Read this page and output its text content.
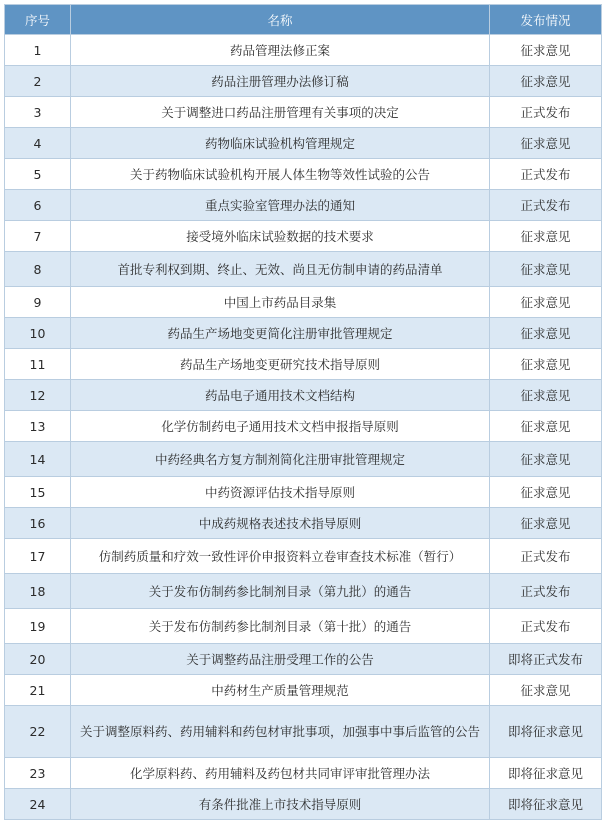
序号	名称	发布情况
1	药品管理法修正案	征求意见
2	药品注册管理办法修订稿	征求意见
3	关于调整进口药品注册管理有关事项的决定	正式发布
4	药物临床试验机构管理规定	征求意见
5	关于药物临床试验机构开展人体生物等效性试验的公告	正式发布
6	重点实验室管理办法的通知	正式发布
7	接受境外临床试验数据的技术要求	征求意见
8	首批专利权到期、终止、无效、尚且无仿制申请的药品清单	征求意见
9	中国上市药品目录集	征求意见
10	药品生产场地变更简化注册审批管理规定	征求意见
11	药品生产场地变更研究技术指导原则	征求意见
12	药品电子通用技术文档结构	征求意见
13	化学仿制药电子通用技术文档申报指导原则	征求意见
14	中药经典名方复方制剂简化注册审批管理规定	征求意见
15	中药资源评估技术指导原则	征求意见
16	中成药规格表述技术指导原则	征求意见
17	仿制药质量和疗效一致性评价申报资料立卷审查技术标准（暂行）	正式发布
18	关于发布仿制药参比制剂目录（第九批）的通告	正式发布
19	关于发布仿制药参比制剂目录（第十批）的通告	正式发布
20	关于调整药品注册受理工作的公告	即将正式发布
21	中药材生产质量管理规范	征求意见
22	关于调整原料药、药用辅料和药包材审批事项，加强事中事后监管的公告	即将征求意见
23	化学原料药、药用辅料及药包材共同审评审批管理办法	即将征求意见
24	有条件批准上市技术指导原则	即将征求意见
